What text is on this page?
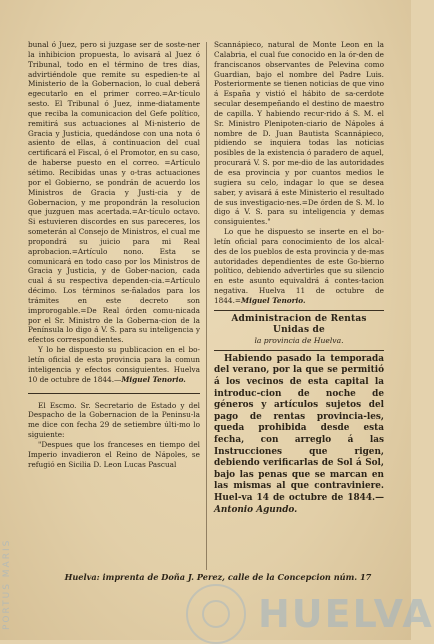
bunal ó Juez, pero si juzgase ser de soste-ner la inhibicion propuesta, lo avisará al Juez ó Tribunal, todo en el término de tres dias, advirtiéndole que remite su espedien-te al Ministerio de la Gobernacion, lo cual deberá egecutarlo en el primer correo.=Ar-tículo sesto. El Tribunal ó Juez, inme-diatamente que reciba la comunicacion del Gefe político, remitirá sus actuaciones al Mi-nisterio de Gracia y Justicia, quedándose con una nota ó asiento de ellas, á continuacion del cual certificará el Fiscal, ó el Promotor, en su caso, de haberse puesto en el correo. =Artículo sétimo. Recibidas unas y o-tras actuaciones por el Gobierno, se pondrán de acuerdo los Ministros de Gracia y Justi-cia y de Gobernacion, y me propondrán la resolucion que juzguen mas acertada.=Ar-tículo octavo. Si estuvieren discordes en sus pareceres, los someterán al Consejo de Ministros, el cual me propondrá su juicio para mi Real aprobacion.=Artículo nono. Esta se comunicará en todo caso por los Ministros de Gracia y Justicia, y de Gober-nacion, cada cual á su respectiva dependen-cia.=Artículo décimo. Los términos se-ñalados para los trámites en este decreto son improrogable.=De Real órden comu-nicada por el Sr. Ministro de la Goberna-cion de la Península lo digo á V. S. para su inteligencia y efectos correspondientes.

Y lo he dispuesto su publicacion en el bo-letín oficial de esta provincia para la comun inteligencia y efectos consiguientes. Huelva 10 de octubre de 1844.—Miguel Tenorio.

El Escmo. Sr. Secretario de Estado y del Despacho de la Gobernacion de la Peninsu-la me dice con fecha 29 de setiembre últi-mo lo siguiente:

"Despues que los franceses en tiempo del Imperio invadieron el Reino de Nápoles, se refugió en Sicilia D. Leon Lucas Pascual

Scannápieco, natural de Monte Leon en la Calabria, el cual fue conocido en la ór-den de franciscanos observantes de Pelevina como Guardian, bajo el nombre del Padre Luis. Posteriormente se tienen noticias de que vino á España y vistió el hábito de sa-cerdote secular desempeñando el destino de maestro de capilla. Y habiendo recur-rido á S. M. el Sr. Ministro Plenipoten-ciario de Nápoles á nombre de D. Juan Bautista Scannápieco, pidiendo se inquiera todas las noticias posibles de la existencia ó paradero de aquel, procurará V. S. por me-dio de las autoridades de esa provincia y por cuantos medios le sugiera su celo, indagar lo que se desea saber, y avisará á este Ministerio el resultado de sus investigacio-nes.=De órden de S. M. lo digo á V. S. para su inteligencia y demas consiguientes."

Lo que he dispuesto se inserte en el bo-letín oficial para conocimiento de los alcal-des de los pueblos de esta provincia y de-mas autoridades dependientes de este Go-bierno político, debiendo advertirles que su silencio en este asunto equivaldrá á contes-tacion negativa. Huelva 11 de octubre de 1844.=Miguel Tenorio.

Administracion de Rentas Unidas de
la provincia de Huelva.

Habiendo pasado la temporada del verano, por la que se permitió á los vecinos de esta capital la introduc-cion de noche de géneros y artículos sujetos del pago de rentas provincia-les, queda prohibida desde esta fecha, con arreglo á las Instrucciones que rigen, debiendo verificarlas de Sol á Sol, bajo las penas que se marcan en las mismas al que contraviniere. Huel-va 14 de octubre de 1844.—Antonio Agundo.

Huelva: imprenta de Doña J. Perez, calle de la Concepcion núm. 17
HUELVA
PORTUS MARIS
